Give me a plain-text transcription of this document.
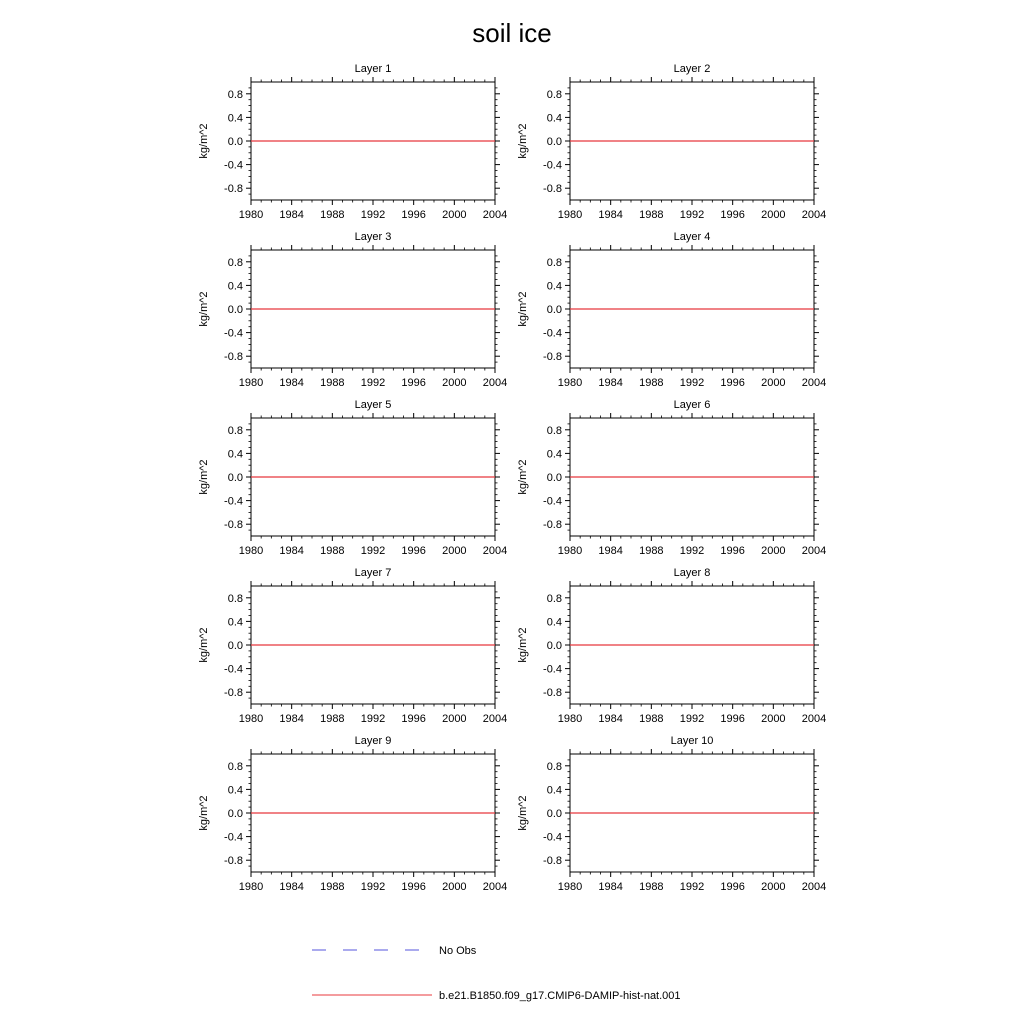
soil ice
Layer 1
1980 1984 1988 1992 1996 2000 2004
0.8
0.4
0.0
-0.4
-0.8
kg/m^2
Layer 2
1980 1984 1988 1992 1996 2000 2004
0.8
0.4
0.0
-0.4
-0.8
kg/m^2
Layer 3
1980 1984 1988 1992 1996 2000 2004
0.8
0.4
0.0
-0.4
-0.8
kg/m^2
Layer 4
1980 1984 1988 1992 1996 2000 2004
0.8
0.4
0.0
-0.4
-0.8
kg/m^2
Layer 5
1980 1984 1988 1992 1996 2000 2004
0.8
0.4
0.0
-0.4
-0.8
kg/m^2
Layer 6
1980 1984 1988 1992 1996 2000 2004
0.8
0.4
0.0
-0.4
-0.8
kg/m^2
Layer 7
1980 1984 1988 1992 1996 2000 2004
0.8
0.4
0.0
-0.4
-0.8
kg/m^2
Layer 8
1980 1984 1988 1992 1996 2000 2004
0.8
0.4
0.0
-0.4
-0.8
kg/m^2
Layer 9
1980 1984 1988 1992 1996 2000 2004
0.8
0.4
0.0
-0.4
-0.8
kg/m^2
Layer 10
1980 1984 1988 1992 1996 2000 2004
0.8
0.4
0.0
-0.4
-0.8
kg/m^2
No Obs
b.e21.B1850.f09_g17.CMIP6-DAMIP-hist-nat.001
